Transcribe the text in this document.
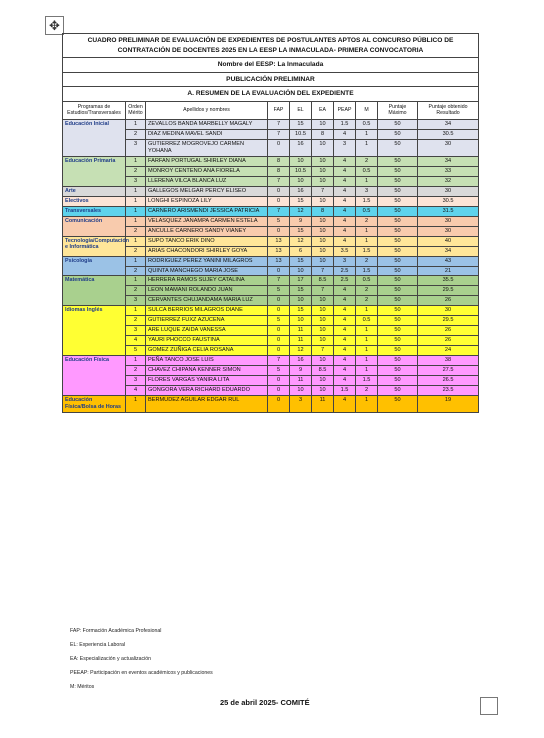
✥
CUADRO PRELIMINAR DE EVALUACIÓN DE EXPEDIENTES DE POSTULANTES APTOS AL CONCURSO PÚBLICO DE CONTRATACIÓN DE DOCENTES 2025 EN LA EESP LA INMACULADA- PRIMERA CONVOCATORIA									
Nombre del EESP: La Inmaculada									
PUBLICACIÓN PRELIMINAR									
A. RESUMEN DE LA EVALUACIÓN DEL EXPEDIENTE									
Programas de Estudios/Transversales	Orden Mérito	Apellidos y nombres	FAP	EL	EA	PEAP	M	Puntaje Máximo	Puntaje obtenido Resultado
Educación Inicial	1	ZEVALLOS BANDA MARBELLY MAGALY	7	15	10	1.5	0.5	50	34
	2	DIAZ MEDINA MAVEL SANDI	7	10.5	8	4	1	50	30.5
	3	GUTIERREZ MOGROVEJO CARMEN YOHANA	0	16	10	3	1	50	30
Educación Primaria	1	FARFAN PORTUGAL SHIRLEY DIANA	8	10	10	4	2	50	34
	2	MONROY CENTENO ANA FIORELA	8	10.5	10	4	0.5	50	33
	3	LLERENA VILCA BLANCA LUZ	7	10	10	4	1	50	32
Arte	1	GALLEGOS MELGAR PERCY ELISEO	0	16	7	4	3	50	30
Electivos	1	LONGHI ESPINOZA LILY	0	15	10	4	1.5	50	30.5
Transversales	1	CARNERO ARISMENDI JESSICA PATRICIA	7	12	8	4	0.5	50	31.5
Comunicación	1	VELASQUEZ JANAMPA CARMEN ESTELA	5	9	10	4	2	50	30
	2	ANCULLE CARNERO SANDY VIANEY	0	15	10	4	1	50	30
Tecnología/Computación e Informática	1	SUPO TANCO ERIK DINO	13	12	10	4	1	50	40
	2	ARIAS CHACONDORI SHIRLEY GOYA	13	6	10	3.5	1.5	50	34
Psicología	1	RODRIGUEZ PEREZ YANINI MILAGROS	13	15	10	3	2	50	43
	2	QUINTA MANCHEGO MARIA JOSE	0	10	7	2.5	1.5	50	21
Matemática	1	HERRERA RAMOS SUJEY CATALINA	7	17	8.5	2.5	0.5	50	35.5
	2	LEON MAMANI ROLANDO JUAN	5	15	7	4	2	50	29.5
	3	CERVANTES CHUJANDAMA MARIA LUZ	0	10	10	4	2	50	26
Idiomas Inglés	1	SULCA BERRIOS MILAGROS DIANE	0	15	10	4	1	50	30
	2	GUTIERREZ FUXZ AZUCENA	5	10	10	4	0.5	50	29.5
	3	ARE LUQUE ZAIDA VANESSA	0	11	10	4	1	50	26
	4	YAURI PHOCCO FAUSTINA	0	11	10	4	1	50	26
	5	GOMEZ ZUÑIGA CELIA ROSANA	0	12	7	4	1	50	24
Educación Física	1	PEÑA TANCO JOSE LUIS	7	16	10	4	1	50	38
	2	CHAVEZ CHIPANA KENNER SIMON	5	9	8.5	4	1	50	27.5
	3	FLORES VARGAS YANIRA LITA	0	11	10	4	1.5	50	26.5
	4	GONGORA VERA RICHARD EDUARDO	0	10	10	1.5	2	50	23.5
Educación Física/Bolsa de Horas	1	BERMUDEZ AGUILAR EDGAR RUL	0	3	11	4	1	50	19
FAP: Formación Académica Profesional
EL: Experiencia Laboral
EA: Especialización y actualización
PEEAP: Participación en eventos académicos y publicaciones
M: Méritos
25 de abril 2025- COMITÉ
